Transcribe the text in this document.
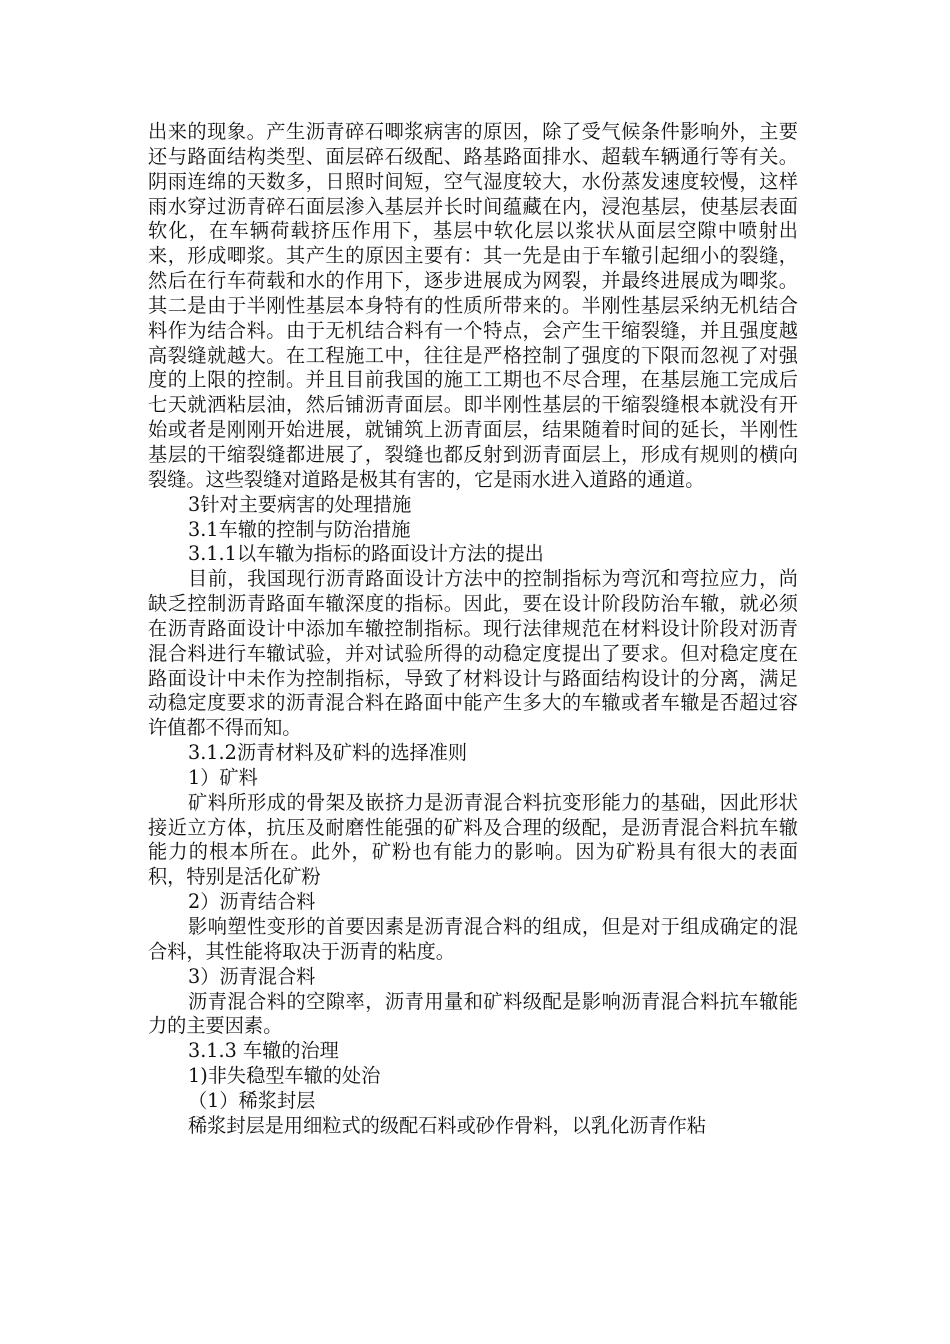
出来的现象。产生沥青碎石唧浆病害的原因，除了受气候条件影响外，主要还与路面结构类型、面层碎石级配、路基路面排水、超载车辆通行等有关。阴雨连绵的天数多，日照时间短，空气湿度较大，水份蒸发速度较慢，这样雨水穿过沥青碎石面层渗入基层并长时间蕴藏在内，浸泡基层，使基层表面软化，在车辆荷载挤压作用下，基层中软化层以浆状从面层空隙中喷射出来，形成唧浆。其产生的原因主要有：其一先是由于车辙引起细小的裂缝，然后在行车荷载和水的作用下，逐步进展成为网裂，并最终进展成为唧浆。其二是由于半刚性基层本身特有的性质所带来的。半刚性基层采纳无机结合料作为结合料。由于无机结合料有一个特点，会产生干缩裂缝，并且强度越高裂缝就越大。在工程施工中，往往是严格控制了强度的下限而忽视了对强度的上限的控制。并且目前我国的施工工期也不尽合理，在基层施工完成后七天就洒粘层油，然后铺沥青面层。即半刚性基层的干缩裂缝根本就没有开始或者是刚刚开始进展，就铺筑上沥青面层，结果随着时间的延长，半刚性基层的干缩裂缝都进展了，裂缝也都反射到沥青面层上，形成有规则的横向裂缝。这些裂缝对道路是极其有害的，它是雨水进入道路的通道。

3针对主要病害的处理措施

3.1车辙的控制与防治措施

3.1.1以车辙为指标的路面设计方法的提出

目前，我国现行沥青路面设计方法中的控制指标为弯沉和弯拉应力，尚缺乏控制沥青路面车辙深度的指标。因此，要在设计阶段防治车辙，就必须在沥青路面设计中添加车辙控制指标。现行法律规范在材料设计阶段对沥青混合料进行车辙试验，并对试验所得的动稳定度提出了要求。但对稳定度在路面设计中未作为控制指标，导致了材料设计与路面结构设计的分离，满足动稳定度要求的沥青混合料在路面中能产生多大的车辙或者车辙是否超过容许值都不得而知。

3.1.2沥青材料及矿料的选择准则

1）矿料

矿料所形成的骨架及嵌挤力是沥青混合料抗变形能力的基础，因此形状接近立方体，抗压及耐磨性能强的矿料及合理的级配，是沥青混合料抗车辙能力的根本所在。此外，矿粉也有能力的影响。因为矿粉具有很大的表面积，特别是活化矿粉

2）沥青结合料

影响塑性变形的首要因素是沥青混合料的组成，但是对于组成确定的混合料，其性能将取决于沥青的粘度。

3）沥青混合料

沥青混合料的空隙率，沥青用量和矿料级配是影响沥青混合料抗车辙能力的主要因素。

3.1.3 车辙的治理

1)非失稳型车辙的处治

（1）稀浆封层

稀浆封层是用细粒式的级配石料或砂作骨料，以乳化沥青作粘
